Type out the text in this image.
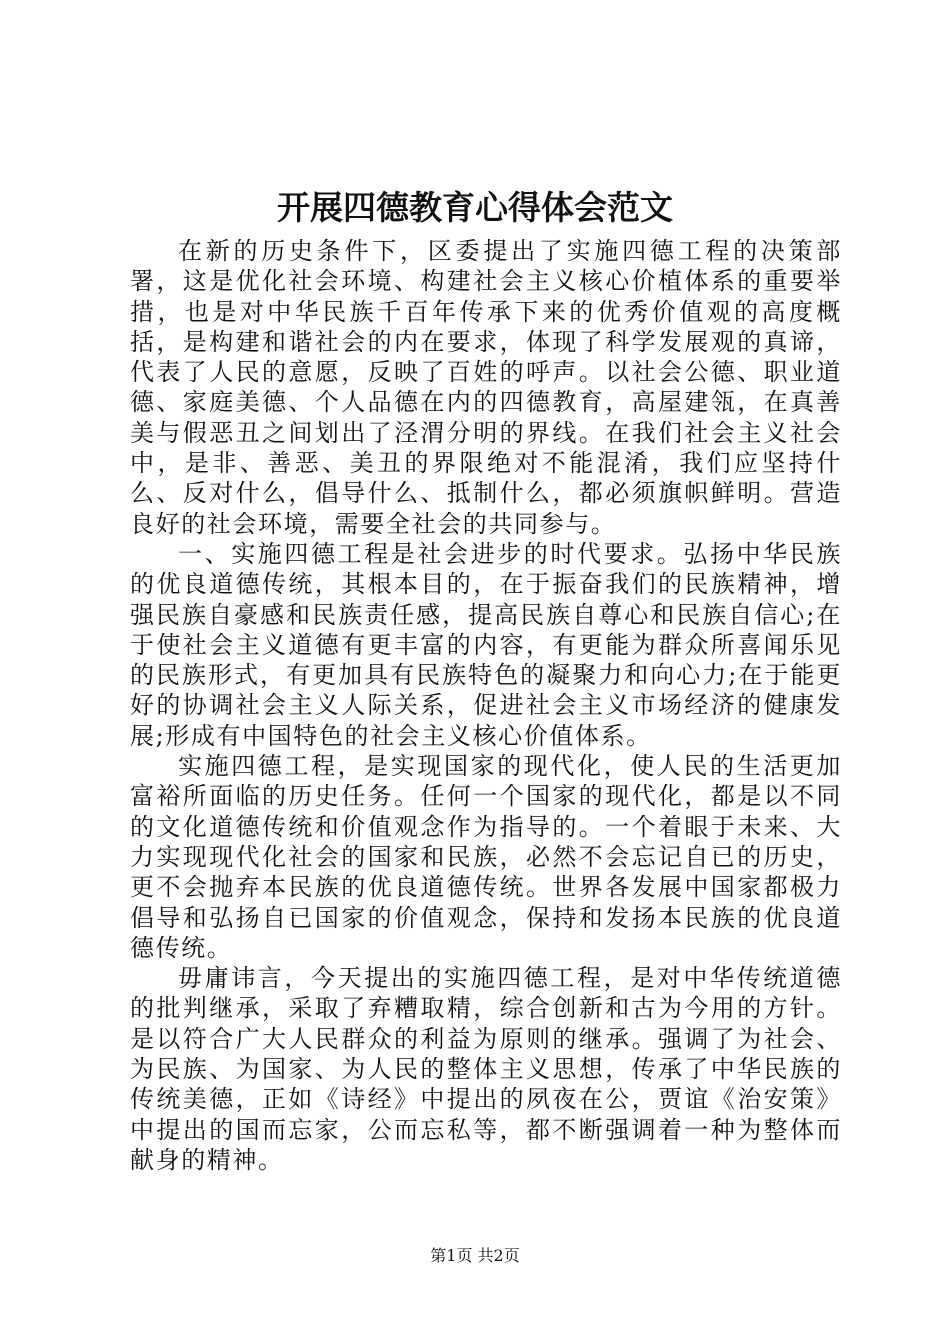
开展四德教育心得体会范文

在新的历史条件下，区委提出了实施四德工程的决策部署，这是优化社会环境、构建社会主义核心价植体系的重要举措，也是对中华民族千百年传承下来的优秀价值观的高度概括，是构建和谐社会的内在要求，体现了科学发展观的真谛，代表了人民的意愿，反映了百姓的呼声。以社会公德、职业道德、家庭美德、个人品德在内的四德教育，高屋建瓴，在真善美与假恶丑之间划出了泾渭分明的界线。在我们社会主义社会中，是非、善恶、美丑的界限绝对不能混淆，我们应坚持什么、反对什么，倡导什么、抵制什么，都必须旗帜鲜明。营造良好的社会环境，需要全社会的共同参与。

一、实施四德工程是社会进步的时代要求。弘扬中华民族的优良道德传统，其根本目的，在于振奋我们的民族精神，增强民族自豪感和民族责任感，提高民族自尊心和民族自信心;在于使社会主义道德有更丰富的内容，有更能为群众所喜闻乐见的民族形式，有更加具有民族特色的凝聚力和向心力;在于能更好的协调社会主义人际关系，促进社会主义市场经济的健康发展;形成有中国特色的社会主义核心价值体系。

实施四德工程，是实现国家的现代化，使人民的生活更加富裕所面临的历史任务。任何一个国家的现代化，都是以不同的文化道德传统和价值观念作为指导的。一个着眼于未来、大力实现现代化社会的国家和民族，必然不会忘记自已的历史，更不会抛弃本民族的优良道德传统。世界各发展中国家都极力倡导和弘扬自已国家的价值观念，保持和发扬本民族的优良道德传统。

毋庸讳言，今天提出的实施四德工程，是对中华传统道德的批判继承，采取了弃糟取精，综合创新和古为今用的方针。是以符合广大人民群众的利益为原则的继承。强调了为社会、为民族、为国家、为人民的整体主义思想，传承了中华民族的传统美德，正如《诗经》中提出的夙夜在公，贾谊《治安策》中提出的国而忘家，公而忘私等，都不断强调着一种为整体而献身的精神。

第1页 共2页
